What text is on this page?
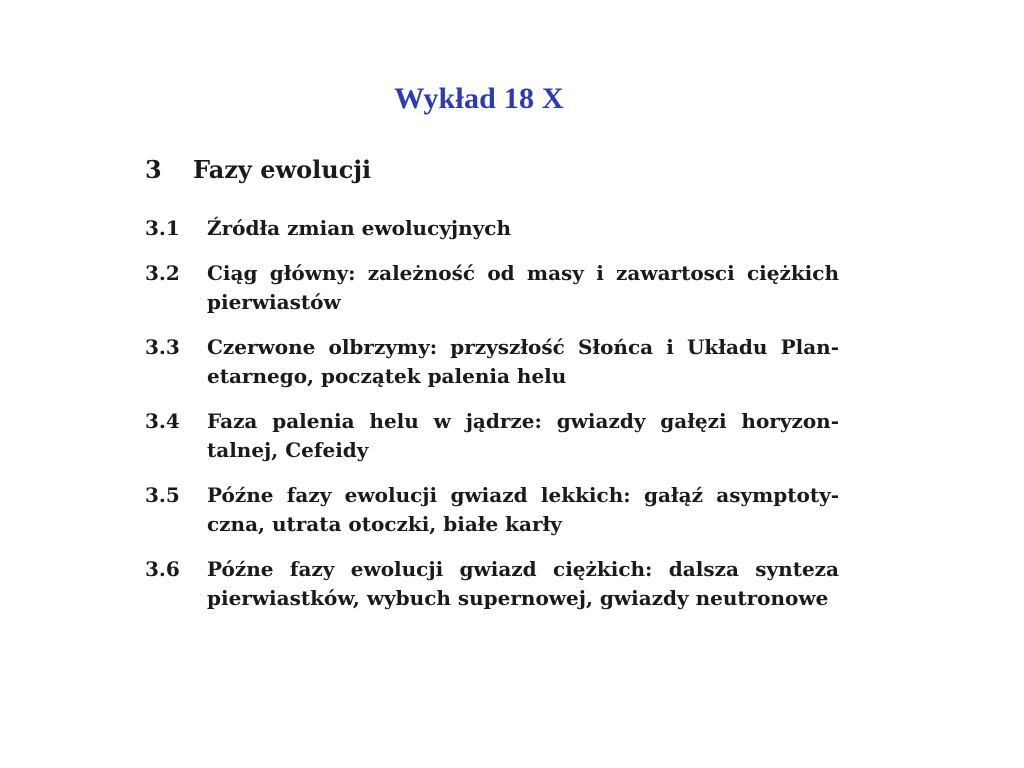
Wykład 18 X
3	Fazy ewolucji
3.1	Źródła zmian ewolucyjnych
3.2	Ciąg główny: zależność od masy i zawartosci ciężkich
pierwiastów
3.3	Czerwone olbrzymy: przyszłość Słońca i Układu Plan-
etarnego, początek palenia helu
3.4	Faza palenia helu w jądrze: gwiazdy gałęzi horyzon-
talnej, Cefeidy
3.5	Późne fazy ewolucji gwiazd lekkich: gałąź asymptoty-
czna, utrata otoczki, białe karły
3.6	Późne fazy ewolucji gwiazd ciężkich: dalsza synteza
pierwiastków, wybuch supernowej, gwiazdy neutronowe
